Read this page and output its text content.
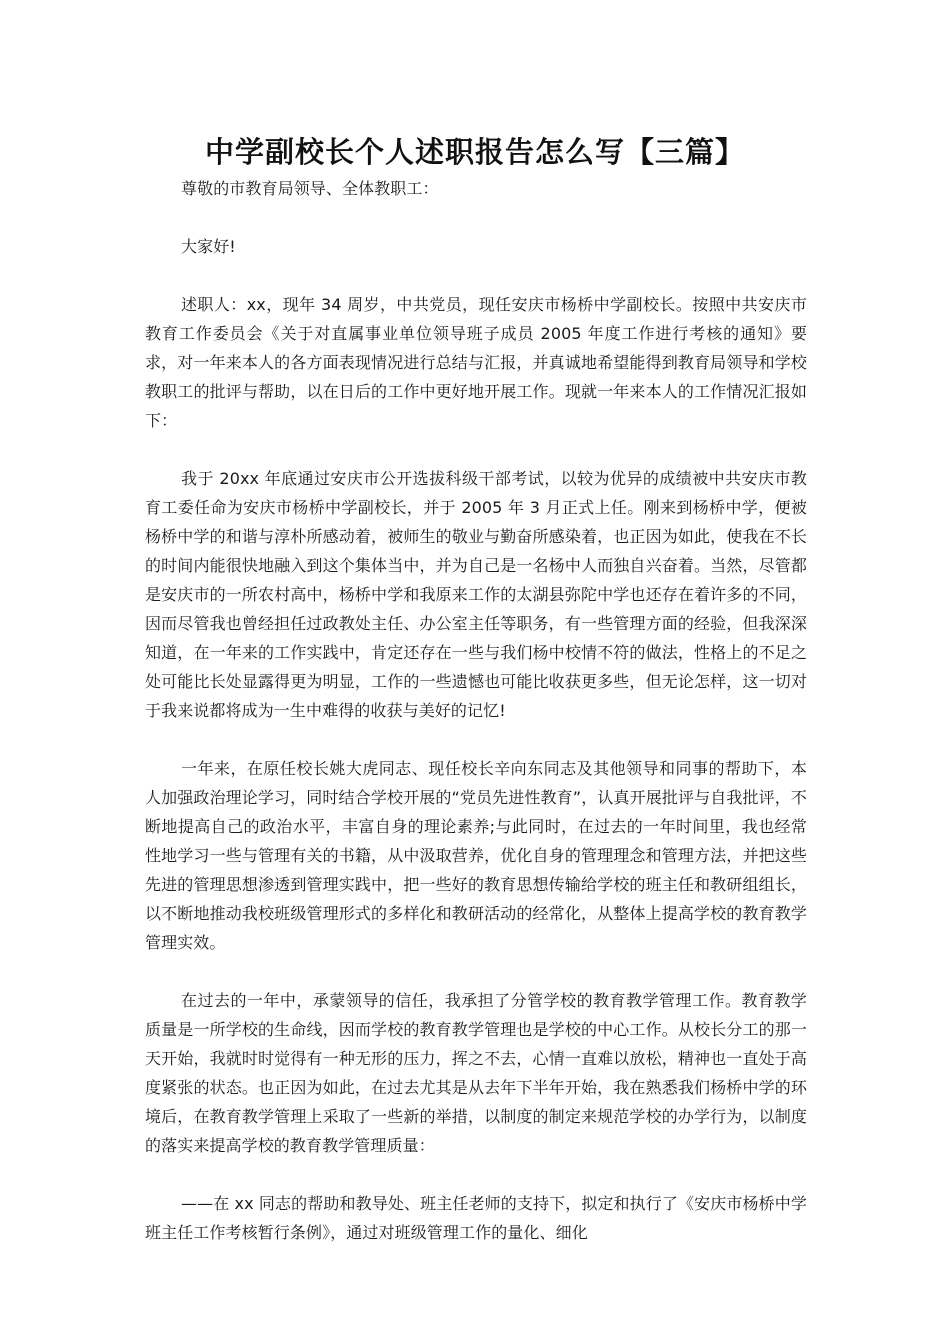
中学副校长个人述职报告怎么写【三篇】

尊敬的市教育局领导、全体教职工：

大家好!

述职人：xx，现年 34 周岁，中共党员，现任安庆市杨桥中学副校长。按照中共安庆市教育工作委员会《关于对直属事业单位领导班子成员 2005 年度工作进行考核的通知》要求，对一年来本人的各方面表现情况进行总结与汇报，并真诚地希望能得到教育局领导和学校教职工的批评与帮助，以在日后的工作中更好地开展工作。现就一年来本人的工作情况汇报如下：

我于 20xx 年底通过安庆市公开选拔科级干部考试，以较为优异的成绩被中共安庆市教育工委任命为安庆市杨桥中学副校长，并于 2005 年 3 月正式上任。刚来到杨桥中学，便被杨桥中学的和谐与淳朴所感动着，被师生的敬业与勤奋所感染着，也正因为如此，使我在不长的时间内能很快地融入到这个集体当中，并为自己是一名杨中人而独自兴奋着。当然，尽管都是安庆市的一所农村高中，杨桥中学和我原来工作的太湖县弥陀中学也还存在着许多的不同，因而尽管我也曾经担任过政教处主任、办公室主任等职务，有一些管理方面的经验，但我深深知道，在一年来的工作实践中，肯定还存在一些与我们杨中校情不符的做法，性格上的不足之处可能比长处显露得更为明显，工作的一些遗憾也可能比收获更多些，但无论怎样，这一切对于我来说都将成为一生中难得的收获与美好的记忆!

一年来，在原任校长姚大虎同志、现任校长辛向东同志及其他领导和同事的帮助下，本人加强政治理论学习，同时结合学校开展的“党员先进性教育”，认真开展批评与自我批评，不断地提高自己的政治水平，丰富自身的理论素养;与此同时，在过去的一年时间里，我也经常性地学习一些与管理有关的书籍，从中汲取营养，优化自身的管理理念和管理方法，并把这些先进的管理思想渗透到管理实践中，把一些好的教育思想传输给学校的班主任和教研组组长，以不断地推动我校班级管理形式的多样化和教研活动的经常化，从整体上提高学校的教育教学管理实效。

在过去的一年中，承蒙领导的信任，我承担了分管学校的教育教学管理工作。教育教学质量是一所学校的生命线，因而学校的教育教学管理也是学校的中心工作。从校长分工的那一天开始，我就时时觉得有一种无形的压力，挥之不去，心情一直难以放松，精神也一直处于高度紧张的状态。也正因为如此，在过去尤其是从去年下半年开始，我在熟悉我们杨桥中学的环境后，在教育教学管理上采取了一些新的举措，以制度的制定来规范学校的办学行为，以制度的落实来提高学校的教育教学管理质量：

——在 xx 同志的帮助和教导处、班主任老师的支持下，拟定和执行了《安庆市杨桥中学班主任工作考核暂行条例》，通过对班级管理工作的量化、细化
